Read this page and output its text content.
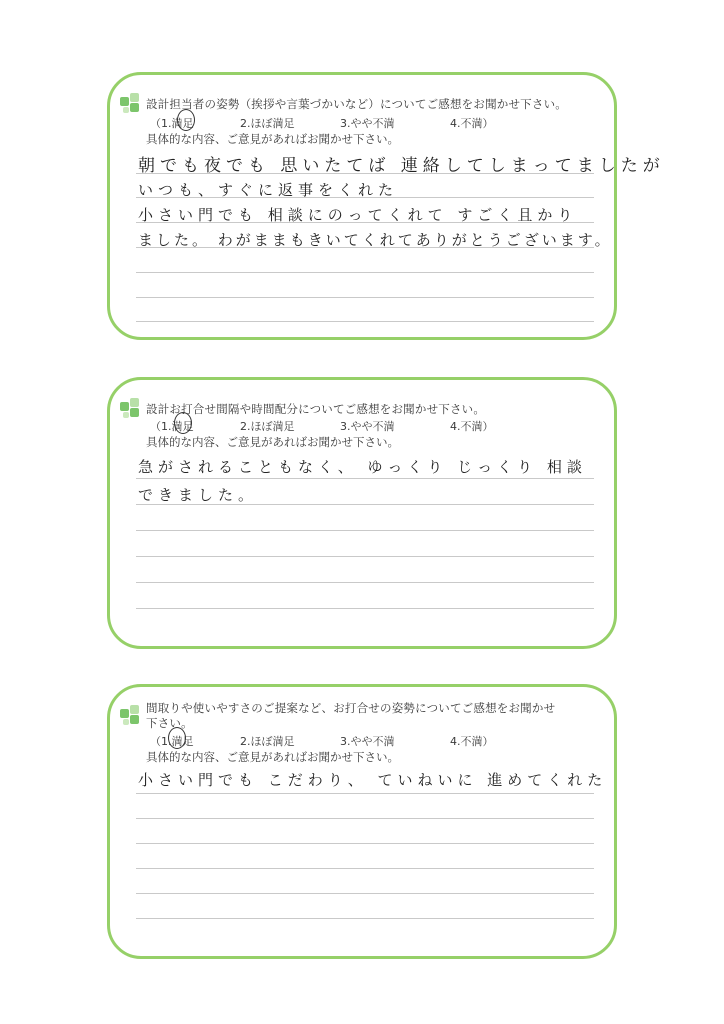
設計担当者の姿勢（挨拶や言葉づかいなど）についてご感想をお聞かせ下さい。
（1.満足	2.ほぼ満足	3.やや不満	4.不満）
具体的な内容、ご意見があればお聞かせ下さい。
朝でも夜でも 思いたてば 連絡してしまってましたが
いつも、すぐに返事をくれた
小さい門でも 相談にのってくれて すごく且かり
ました。 わがままもきいてくれてありがとうございます。
設計お打合せ間隔や時間配分についてご感想をお聞かせ下さい。
（1.満足	2.ほぼ満足	3.やや不満	4.不満）
具体的な内容、ご意見があればお聞かせ下さい。
急がされることもなく、 ゆっくり じっくり 相談
できました。
間取りや使いやすさのご提案など、お打合せの姿勢についてご感想をお聞かせ下さい。
（1.満足	2.ほぼ満足	3.やや不満	4.不満）
具体的な内容、ご意見があればお聞かせ下さい。
小さい門でも こだわり、 ていねいに 進めてくれた
